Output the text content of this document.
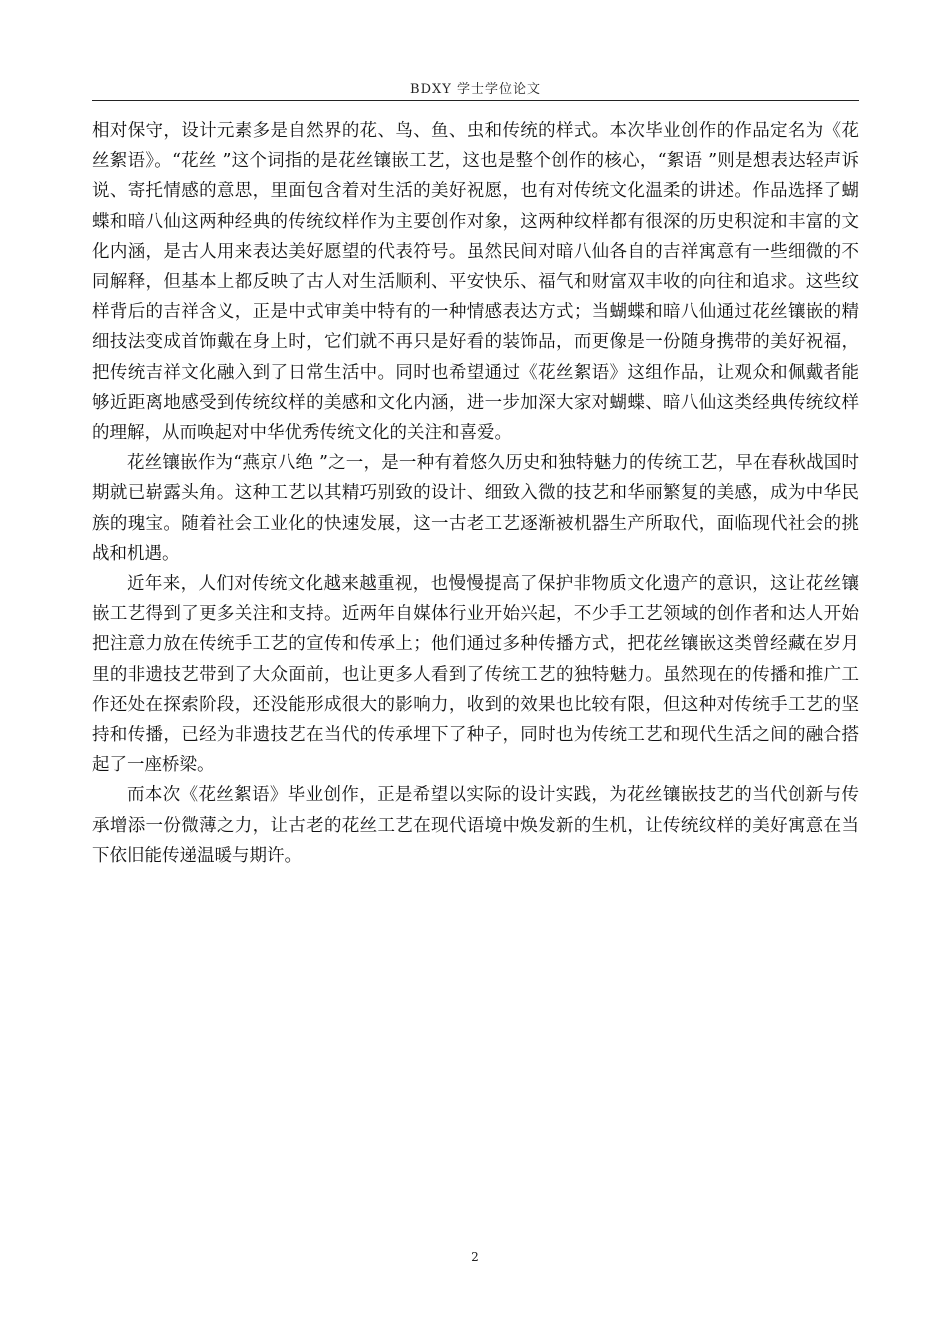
BDXY 学士学位论文

相对保守，设计元素多是自然界的花、鸟、鱼、虫和传统的样式。本次毕业创作的作品定名为《花丝絮语》。“花丝 ”这个词指的是花丝镶嵌工艺，这也是整个创作的核心，“絮语 ”则是想表达轻声诉说、寄托情感的意思，里面包含着对生活的美好祝愿，也有对传统文化温柔的讲述。作品选择了蝴蝶和暗八仙这两种经典的传统纹样作为主要创作对象，这两种纹样都有很深的历史积淀和丰富的文化内涵，是古人用来表达美好愿望的代表符号。虽然民间对暗八仙各自的吉祥寓意有一些细微的不同解释，但基本上都反映了古人对生活顺利、平安快乐、福气和财富双丰收的向往和追求。这些纹样背后的吉祥含义，正是中式审美中特有的一种情感表达方式；当蝴蝶和暗八仙通过花丝镶嵌的精细技法变成首饰戴在身上时，它们就不再只是好看的装饰品，而更像是一份随身携带的美好祝福，把传统吉祥文化融入到了日常生活中。同时也希望通过《花丝絮语》这组作品，让观众和佩戴者能够近距离地感受到传统纹样的美感和文化内涵，进一步加深大家对蝴蝶、暗八仙这类经典传统纹样的理解，从而唤起对中华优秀传统文化的关注和喜爱。

花丝镶嵌作为“燕京八绝 ”之一，是一种有着悠久历史和独特魅力的传统工艺，早在春秋战国时期就已崭露头角。这种工艺以其精巧别致的设计、细致入微的技艺和华丽繁复的美感，成为中华民族的瑰宝。随着社会工业化的快速发展，这一古老工艺逐渐被机器生产所取代，面临现代社会的挑战和机遇。

近年来，人们对传统文化越来越重视，也慢慢提高了保护非物质文化遗产的意识，这让花丝镶嵌工艺得到了更多关注和支持。近两年自媒体行业开始兴起，不少手工艺领域的创作者和达人开始把注意力放在传统手工艺的宣传和传承上；他们通过多种传播方式，把花丝镶嵌这类曾经藏在岁月里的非遗技艺带到了大众面前，也让更多人看到了传统工艺的独特魅力。虽然现在的传播和推广工作还处在探索阶段，还没能形成很大的影响力，收到的效果也比较有限，但这种对传统手工艺的坚持和传播，已经为非遗技艺在当代的传承埋下了种子，同时也为传统工艺和现代生活之间的融合搭起了一座桥梁。

而本次《花丝絮语》毕业创作，正是希望以实际的设计实践，为花丝镶嵌技艺的当代创新与传承增添一份微薄之力，让古老的花丝工艺在现代语境中焕发新的生机，让传统纹样的美好寓意在当下依旧能传递温暖与期许。

2
